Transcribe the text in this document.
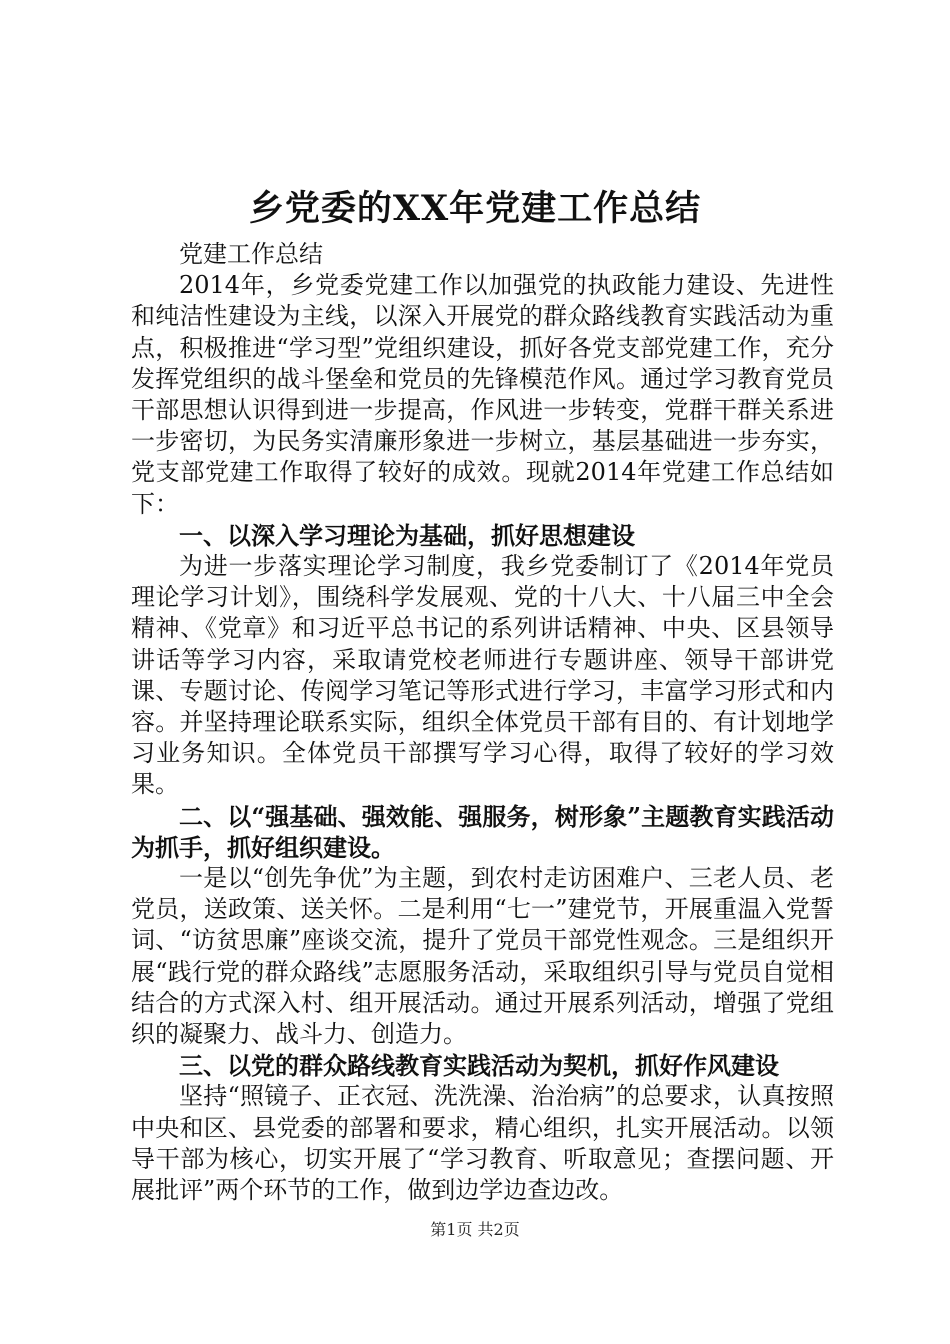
乡党委的XX年党建工作总结

党建工作总结

2014年，乡党委党建工作以加强党的执政能力建设、先进性和纯洁性建设为主线，以深入开展党的群众路线教育实践活动为重点，积极推进“学习型”党组织建设，抓好各党支部党建工作，充分发挥党组织的战斗堡垒和党员的先锋模范作风。通过学习教育党员干部思想认识得到进一步提高，作风进一步转变，党群干群关系进一步密切，为民务实清廉形象进一步树立，基层基础进一步夯实，党支部党建工作取得了较好的成效。现就2014年党建工作总结如下：

一、以深入学习理论为基础，抓好思想建设

为进一步落实理论学习制度，我乡党委制订了《2014年党员理论学习计划》，围绕科学发展观、党的十八大、十八届三中全会精神、《党章》和习近平总书记的系列讲话精神、中央、区县领导讲话等学习内容，采取请党校老师进行专题讲座、领导干部讲党课、专题讨论、传阅学习笔记等形式进行学习，丰富学习形式和内容。并坚持理论联系实际，组织全体党员干部有目的、有计划地学习业务知识。全体党员干部撰写学习心得，取得了较好的学习效果。

二、以“强基础、强效能、强服务，树形象”主题教育实践活动为抓手，抓好组织建设。

一是以“创先争优”为主题，到农村走访困难户、三老人员、老党员，送政策、送关怀。二是利用“七一”建党节，开展重温入党誓词、“访贫思廉”座谈交流，提升了党员干部党性观念。三是组织开展“践行党的群众路线”志愿服务活动，采取组织引导与党员自觉相结合的方式深入村、组开展活动。通过开展系列活动，增强了党组织的凝聚力、战斗力、创造力。

三、以党的群众路线教育实践活动为契机，抓好作风建设

坚持“照镜子、正衣冠、洗洗澡、治治病”的总要求，认真按照中央和区、县党委的部署和要求，精心组织，扎实开展活动。以领导干部为核心，切实开展了“学习教育、听取意见；查摆问题、开展批评”两个环节的工作，做到边学边查边改。

第1页 共2页
